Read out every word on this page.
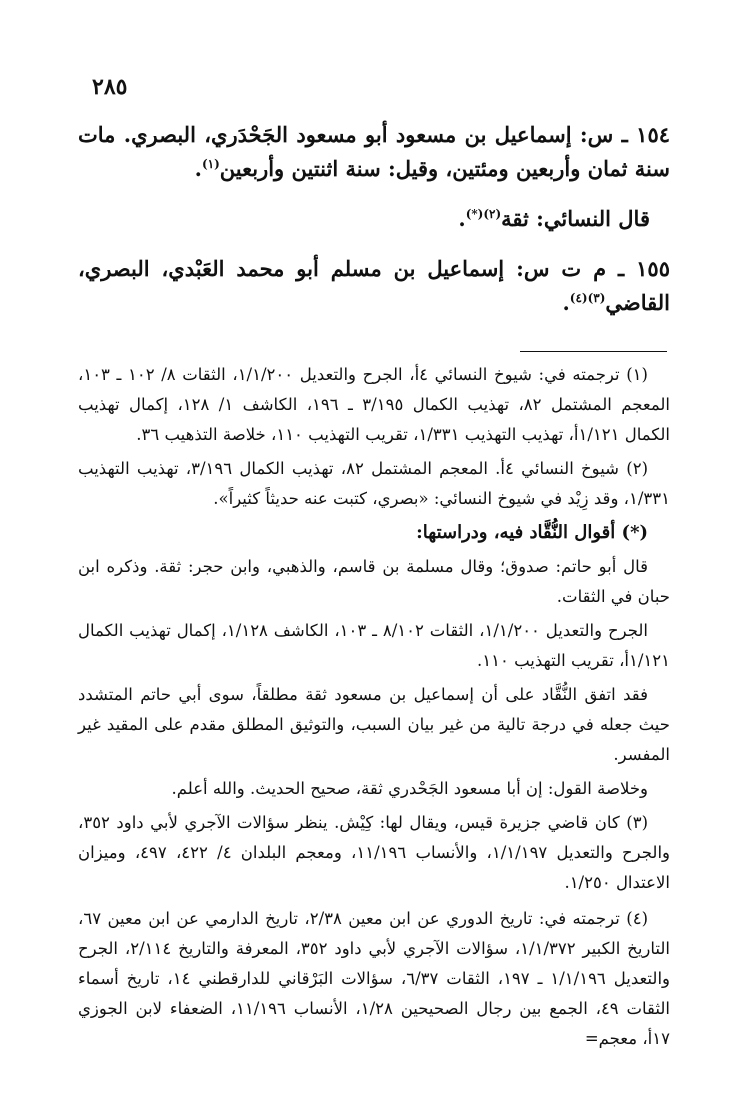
٢٨٥

١٥٤ ـ س: إسماعيل بن مسعود أبو مسعود الجَحْدَري، البصري. مات سنة ثمان وأربعين ومئتين، وقيل: سنة اثنتين وأربعين$^{(١)}$.

قال النسائي: ثقة$^{(٢)(*)}$.

١٥٥ ـ م ت س: إسماعيل بن مسلم أبو محمد العَبْدي، البصري، القاضي$^{(٣)(٤)}$.

(١) ترجمته في: شيوخ النسائي ٤أ، الجرح والتعديل ١/١/٢٠٠، الثقات ٨/ ١٠٢ ـ ١٠٣، المعجم المشتمل ٨٢، تهذيب الكمال ٣/١٩٥ ـ ١٩٦، الكاشف ١/ ١٢٨، إكمال تهذيب الكمال ١/١٢١أ، تهذيب التهذيب ١/٣٣١، تقريب التهذيب ١١٠، خلاصة التذهيب ٣٦.

(٢) شيوخ النسائي ٤أ. المعجم المشتمل ٨٢، تهذيب الكمال ٣/١٩٦، تهذيب التهذيب ١/٣٣١، وقد زِيْد في شيوخ النسائي: «بصري، كتبت عنه حديثاً كثيراً».

(*) أقوال النُّقَّاد فيه، ودراستها:

قال أبو حاتم: صدوق؛ وقال مسلمة بن قاسم، والذهبي، وابن حجر: ثقة. وذكره ابن حبان في الثقات.

الجرح والتعديل ١/١/٢٠٠، الثقات ٨/١٠٢ ـ ١٠٣، الكاشف ١/١٢٨، إكمال تهذيب الكمال ١/١٢١أ، تقريب التهذيب ١١٠.

فقد اتفق النُّقَّاد على أن إسماعيل بن مسعود ثقة مطلقاً، سوى أبي حاتم المتشدد حيث جعله في درجة تالية من غير بيان السبب، والتوثيق المطلق مقدم على المقيد غير المفسر.

وخلاصة القول: إن أبا مسعود الجَحْدري ثقة، صحيح الحديث. والله أعلم.

(٣) كان قاضي جزيرة قيس، ويقال لها: كِيْش. ينظر سؤالات الآجري لأبي داود ٣٥٢، والجرح والتعديل ١/١/١٩٧، والأنساب ١١/١٩٦، ومعجم البلدان ٤/ ٤٢٢، ٤٩٧، وميزان الاعتدال ١/٢٥٠.

(٤) ترجمته في: تاريخ الدوري عن ابن معين ٢/٣٨، تاريخ الدارمي عن ابن معين ٦٧، التاريخ الكبير ١/١/٣٧٢، سؤالات الآجري لأبي داود ٣٥٢، المعرفة والتاريخ ٢/١١٤، الجرح والتعديل ١/١/١٩٦ ـ ١٩٧، الثقات ٦/٣٧، سؤالات البَرْقاني للدارقطني ١٤، تاريخ أسماء الثقات ٤٩، الجمع بين رجال الصحيحين ١/٢٨، الأنساب ١١/١٩٦، الضعفاء لابن الجوزي ١٧أ، معجم=
